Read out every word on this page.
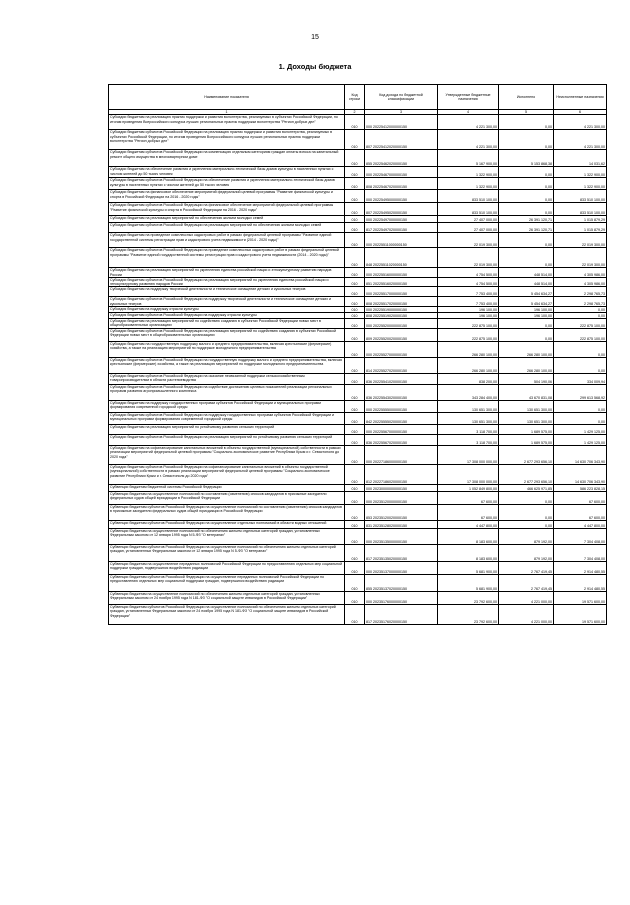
15
1. Доходы бюджета
Наименование показателя	Код строки	Код дохода по бюджетной классификации	Утвержденные бюджетные назначения	Исполнено	Неисполненные назначения
1	2	3	4	5	6
Субсидии бюджетам на реализацию практик поддержки и развития волонтерства, реализуемых в субъектах Российской Федерации, по итогам проведения Всероссийского конкурса лучших региональных практик поддержки волонтерства "Регион добрых дел"	010	000 20225412000000150	4 221 300,00	0,00	4 221 300,00
Субсидии бюджетам субъектов Российской Федерации на реализацию практик поддержки и развития волонтерства, реализуемых в субъектах Российской Федерации, по итогам проведения Всероссийского конкурса лучших региональных практик поддержки волонтерства "Регион добрых дел"	010	807 20225412020000150	4 221 300,00	0,00	4 221 300,00
Субсидии бюджетам субъектов Российской Федерации на компенсацию отдельным категориям граждан оплаты взноса на капитальный ремонт общего имущества в многоквартирном доме	010	855 20225462020000150	5 167 900,00	5 153 868,38	14 031,62
Субсидии бюджетам на обеспечение развития и укрепления материально-технической базы домов культуры в населенных пунктах с числом жителей до 50 тысяч человек	010	000 20225467000000150	1 322 900,00	0,00	1 322 900,00
Субсидии бюджетам субъектов Российской Федерации на обеспечение развития и укрепления материально-технической базы домов культуры в населенных пунктах с числом жителей до 50 тысяч человек	010	808 20225467020000150	1 322 900,00	0,00	1 322 900,00
Субсидии бюджетам на финансовое обеспечение мероприятий федеральной целевой программы "Развитие физической культуры и спорта в Российской Федерации на 2016 - 2020 годы"	010	000 20225495000000150	833 510 100,00	0,00	833 510 100,00
Субсидии бюджетам субъектов Российской Федерации на финансовое обеспечение мероприятий федеральной целевой программы "Развитие физической культуры и спорта в Российской Федерации на 2016 - 2020 годы"	010	807 20225495020000150	833 510 100,00	0,00	833 510 100,00
Субсидии бюджетам на реализацию мероприятий по обеспечению жильем молодых семей	010	000 20225497000000150	27 407 000,00	26 391 120,71	1 015 879,29
Субсидии бюджетам субъектов Российской Федерации на реализацию мероприятий по обеспечению жильем молодых семей	010	817 20225497020000150	27 407 000,00	26 391 120,71	1 015 879,29
Субсидии бюджетам на проведение комплексных кадастровых работ в рамках федеральной целевой программы "Развитие единой государственной системы регистрации прав и кадастрового учета недвижимости (2014 - 2020 годы)"	010	000 20225511000000150	22 019 300,00	0,00	22 019 300,00
Субсидии бюджетам субъектов Российской Федерации на проведение комплексных кадастровых работ в рамках федеральной целевой программы "Развитие единой государственной системы регистрации прав и кадастрового учета недвижимости (2014 - 2020 годы)"	010	848 20225511020000150	22 019 300,00	0,00	22 019 300,00
Субсидии бюджетам на реализацию мероприятий по укреплению единства российской нации и этнокультурному развитию народов России	010	000 20225516000000150	4 754 500,00	448 514,00	4 305 986,00
Субсидии бюджетам субъектов Российской Федерации на реализацию мероприятий по укреплению единства российской нации и этнокультурному развитию народов России	010	851 20225516020000150	4 754 500,00	448 514,00	4 305 986,00
Субсидии бюджетам на поддержку творческой деятельности и техническое оснащение детских и кукольных театров	010	000 20225517000000150	7 753 400,00	5 454 634,27	2 298 765,73
Субсидии бюджетам субъектов Российской Федерации на поддержку творческой деятельности и техническое оснащение детских и кукольных театров	010	808 20225517020000150	7 753 400,00	5 454 634,27	2 298 765,73
Субсидия бюджетам на поддержку отрасли культуры	010	000 20225519000000150	196 100,00	196 100,00	0,00
Субсидия бюджетам субъектов Российской Федерации на поддержку отрасли культуры	010	808 20225519020000150	196 100,00	196 100,00	0,00
Субсидии бюджетам на реализацию мероприятий по содействию созданию в субъектах Российской Федерации новых мест в общеобразовательных организациях	010	000 20225520000000150	222 875 100,00	0,00	222 875 100,00
Субсидии бюджетам субъектов Российской Федерации на реализацию мероприятий по содействию созданию в субъектах Российской Федерации новых мест в общеобразовательных организациях	010	809 20225520020000150	222 875 100,00	0,00	222 875 100,00
Субсидии бюджетам на государственную поддержку малого и среднего предпринимательства, включая крестьянские (фермерские) хозяйства, а также на реализацию мероприятий по поддержке молодежного предпринимательства	010	000 20225527000000150	266 280 100,00	266 280 100,00	0,00
Субсидии бюджетам субъектов Российской Федерации на государственную поддержку малого и среднего предпринимательства, включая крестьянские (фермерские) хозяйства, а также на реализацию мероприятий по поддержке молодежного предпринимательства	010	814 20225527020000150	266 280 100,00	266 280 100,00	0,00
Субсидии бюджетам субъектов Российской Федерации на оказание несвязанной поддержки сельскохозяйственным товаропроизводителям в области растениеводства	010	836 20225541020000150	838 200,00	504 190,06	334 009,94
Субсидии бюджетам субъектов Российской Федерации на содействие достижению целевых показателей реализации региональных программ развития агропромышленного комплекса	010	836 20225543020000150	343 284 400,00	43 670 831,08	299 613 568,92
Субсидии бюджетам на поддержку государственных программ субъектов Российской Федерации и муниципальных программ формирования современной городской среды	010	000 20225555000000150	130 651 300,00	130 651 300,00	0,00
Субсидии бюджетам субъектов Российской Федерации на поддержку государственных программ субъектов Российской Федерации и муниципальных программ формирования современной городской среды	010	842 20225555020000150	130 651 300,00	130 651 300,00	0,00
Субсидии бюджетам на реализацию мероприятий по устойчивому развитию сельских территорий	010	000 20225567000000150	3 118 700,00	1 689 575,00	1 429 125,00
Субсидии бюджетам субъектов Российской Федерации на реализацию мероприятий по устойчивому развитию сельских территорий	010	836 20225567020000150	3 118 700,00	1 689 575,00	1 429 125,00
Субсидии бюджетам на софинансирование капитальных вложений в объекты государственной (муниципальной) собственности в рамках реализации мероприятий федеральной целевой программы "Социально-экономическое развитие Республики Крым и г. Севастополя до 2020 года"	010	000 20227186000000150	17 308 000 000,00	2 677 293 656,10	14 630 706 343,90
Субсидии бюджетам субъектов Российской Федерации на софинансирование капитальных вложений в объекты государственной (муниципальной) собственности в рамках реализации мероприятий федеральной целевой программы "Социально-экономическое развитие Республики Крым и г. Севастополя до 2020 года"	010	812 20227186020000150	17 308 000 000,00	2 677 293 656,10	14 630 706 343,90
Субвенции бюджетам бюджетной системы Российской Федерации	010	000 20230000000000150	1 052 849 800,00	466 625 971,85	586 223 828,15
Субвенции бюджетам на осуществление полномочий по составлению (изменению) списков кандидатов в присяжные заседатели федеральных судов общей юрисдикции в Российской Федерации	010	000 20235120000000150	67 600,00	0,00	67 600,00
Субвенции бюджетам субъектов Российской Федерации на осуществление полномочий по составлению (изменению) списков кандидатов в присяжные заседатели федеральных судов общей юрисдикции в Российской Федерации	010	853 20235120020000150	67 600,00	0,00	67 600,00
Субвенции бюджетам субъектов Российской Федерации на осуществление отдельных полномочий в области водных отношений	010	831 20235128020000150	4 447 800,00	0,00	4 447 800,00
Субвенции бюджетам на осуществление полномочий по обеспечению жильем отдельных категорий граждан, установленных Федеральным законом от 12 января 1995 года N 5-ФЗ "О ветеранах"	010	000 20235135000000150	8 183 600,00	879 192,00	7 304 408,00
Субвенции бюджетам субъектов Российской Федерации на осуществление полномочий по обеспечению жильем отдельных категорий граждан, установленных Федеральным законом от 12 января 1995 года N 5-ФЗ "О ветеранах"	010	817 20235135020000150	8 183 600,00	879 192,00	7 304 408,00
Субвенции бюджетам на осуществление переданных полномочий Российской Федерации по предоставлению отдельных мер социальной поддержки граждан, подвергшихся воздействию радиации	010	000 20235137000000150	5 681 900,00	2 767 419,45	2 914 480,55
Субвенции бюджетам субъектов Российской Федерации на осуществление переданных полномочий Российской Федерации по предоставлению отдельных мер социальной поддержки граждан, подвергшихся воздействию радиации	010	855 20235137020000150	5 681 900,00	2 767 419,45	2 914 480,55
Субвенции бюджетам на осуществление полномочий по обеспечению жильем отдельных категорий граждан, установленных Федеральным законом от 24 ноября 1995 года N 181-ФЗ "О социальной защите инвалидов в Российской Федерации"	010	000 20235176000000150	23 792 600,00	4 221 000,00	19 571 600,00
Субвенции бюджетам субъектов Российской Федерации на осуществление полномочий по обеспечению жильем отдельных категорий граждан, установленных Федеральным законом от 24 ноября 1995 года N 181-ФЗ "О социальной защите инвалидов в Российской Федерации"	010	817 20235176020000150	23 792 600,00	4 221 000,00	19 571 600,00
